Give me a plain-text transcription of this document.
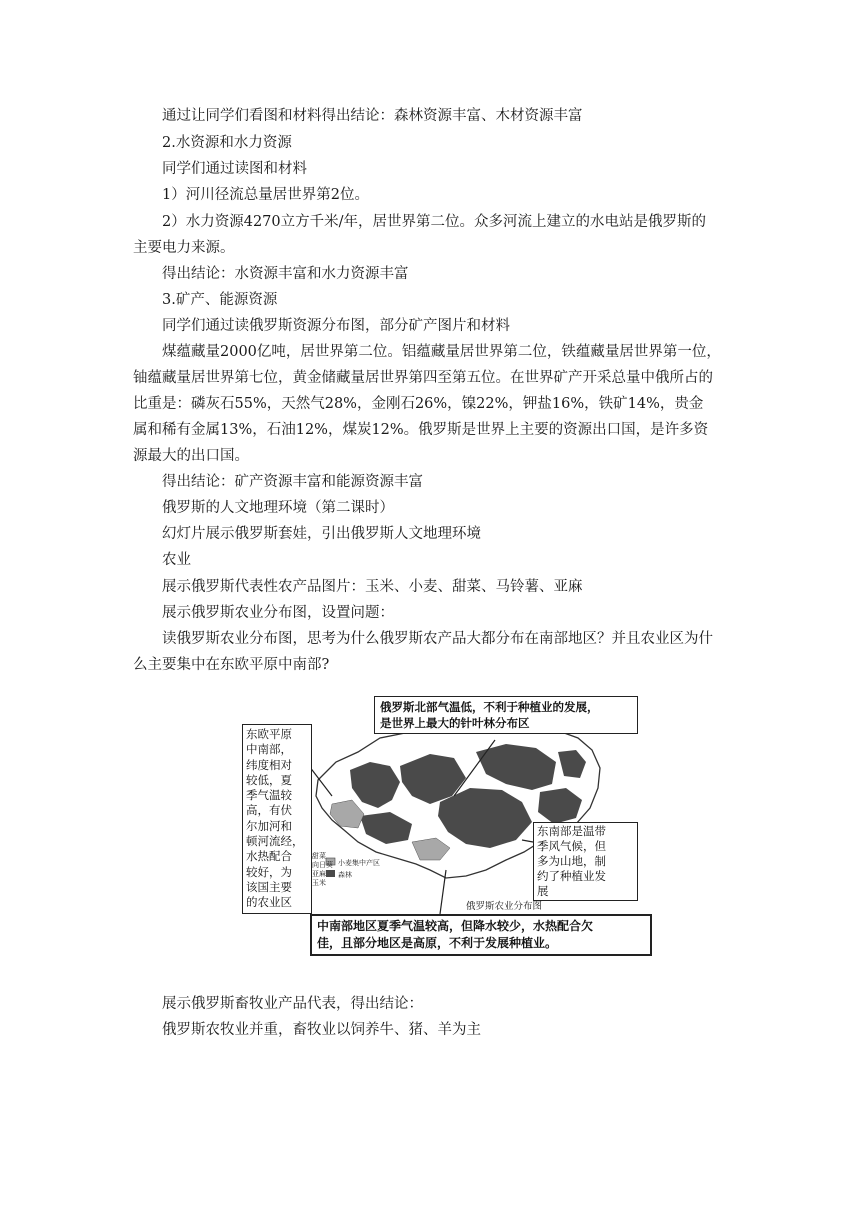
通过让同学们看图和材料得出结论：森林资源丰富、木材资源丰富
2.水资源和水力资源
同学们通过读图和材料
1）河川径流总量居世界第2位。
2）水力资源4270立方千米/年，居世界第二位。众多河流上建立的水电站是俄罗斯的
主要电力来源。
得出结论：水资源丰富和水力资源丰富
3.矿产、能源资源
同学们通过读俄罗斯资源分布图，部分矿产图片和材料
煤蕴藏量2000亿吨，居世界第二位。铝蕴藏量居世界第二位，铁蕴藏量居世界第一位，
铀蕴藏量居世界第七位，黄金储藏量居世界第四至第五位。在世界矿产开采总量中俄所占的
比重是：磷灰石55%，天然气28%，金刚石26%，镍22%，钾盐16%，铁矿14%，贵金
属和稀有金属13%，石油12%，煤炭12%。俄罗斯是世界上主要的资源出口国，是许多资
源最大的出口国。
得出结论：矿产资源丰富和能源资源丰富
俄罗斯的人文地理环境（第二课时）
幻灯片展示俄罗斯套娃，引出俄罗斯人文地理环境
农业
展示俄罗斯代表性农产品图片：玉米、小麦、甜菜、马铃薯、亚麻
展示俄罗斯农业分布图，设置问题：
读俄罗斯农业分布图，思考为什么俄罗斯农产品大都分布在南部地区？并且农业区为什
么主要集中在东欧平原中南部?
东欧平原
中南部，
纬度相对
较低，夏
季气温较
高，有伏
尔加河和
顿河流经，
水热配合
较好，为
该国主要
的农业区
俄罗斯北部气温低，不利于种植业的发展，
是世界上最大的针叶林分布区
东南部是温带
季风气候，但
多为山地，制
约了种植业发
展
中南部地区夏季气温较高，但降水较少，水热配合欠
佳，且部分地区是高原，不利于发展种植业。
甜菜
向日葵
亚麻
玉米
小麦集中产区
森林
俄罗斯农业分布图
展示俄罗斯畜牧业产品代表，得出结论：
俄罗斯农牧业并重，畜牧业以饲养牛、猪、羊为主
